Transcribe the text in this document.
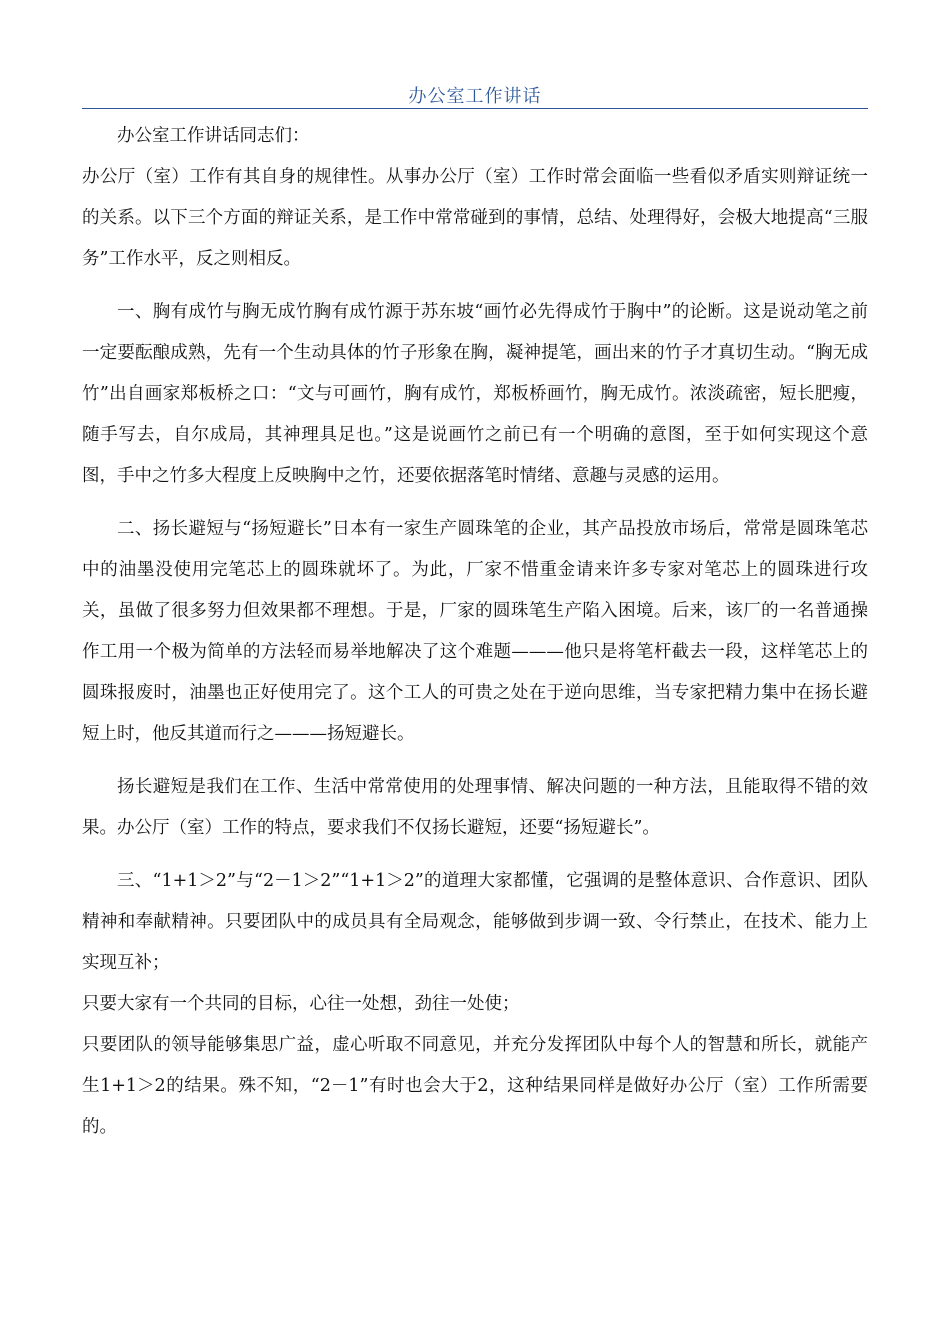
办公室工作讲话

办公室工作讲话同志们：

办公厅（室）工作有其自身的规律性。从事办公厅（室）工作时常会面临一些看似矛盾实则辩证统一的关系。以下三个方面的辩证关系，是工作中常常碰到的事情，总结、处理得好，会极大地提高“三服务”工作水平，反之则相反。

一、胸有成竹与胸无成竹胸有成竹源于苏东坡“画竹必先得成竹于胸中”的论断。这是说动笔之前一定要酝酿成熟，先有一个生动具体的竹子形象在胸，凝神提笔，画出来的竹子才真切生动。“胸无成竹”出自画家郑板桥之口：“文与可画竹，胸有成竹，郑板桥画竹，胸无成竹。浓淡疏密，短长肥瘦，随手写去，自尔成局，其神理具足也。”这是说画竹之前已有一个明确的意图，至于如何实现这个意图，手中之竹多大程度上反映胸中之竹，还要依据落笔时情绪、意趣与灵感的运用。

二、扬长避短与“扬短避长”日本有一家生产圆珠笔的企业，其产品投放市场后，常常是圆珠笔芯中的油墨没使用完笔芯上的圆珠就坏了。为此，厂家不惜重金请来许多专家对笔芯上的圆珠进行攻关，虽做了很多努力但效果都不理想。于是，厂家的圆珠笔生产陷入困境。后来，该厂的一名普通操作工用一个极为简单的方法轻而易举地解决了这个难题———他只是将笔杆截去一段，这样笔芯上的圆珠报废时，油墨也正好使用完了。这个工人的可贵之处在于逆向思维，当专家把精力集中在扬长避短上时，他反其道而行之———扬短避长。

扬长避短是我们在工作、生活中常常使用的处理事情、解决问题的一种方法，且能取得不错的效果。办公厅（室）工作的特点，要求我们不仅扬长避短，还要“扬短避长”。

三、“1+1＞2”与“2－1＞2”“1+1＞2”的道理大家都懂，它强调的是整体意识、合作意识、团队精神和奉献精神。只要团队中的成员具有全局观念，能够做到步调一致、令行禁止，在技术、能力上实现互补；

只要大家有一个共同的目标，心往一处想，劲往一处使；

只要团队的领导能够集思广益，虚心听取不同意见，并充分发挥团队中每个人的智慧和所长，就能产生1+1＞2的结果。殊不知，“2－1”有时也会大于2，这种结果同样是做好办公厅（室）工作所需要的。
